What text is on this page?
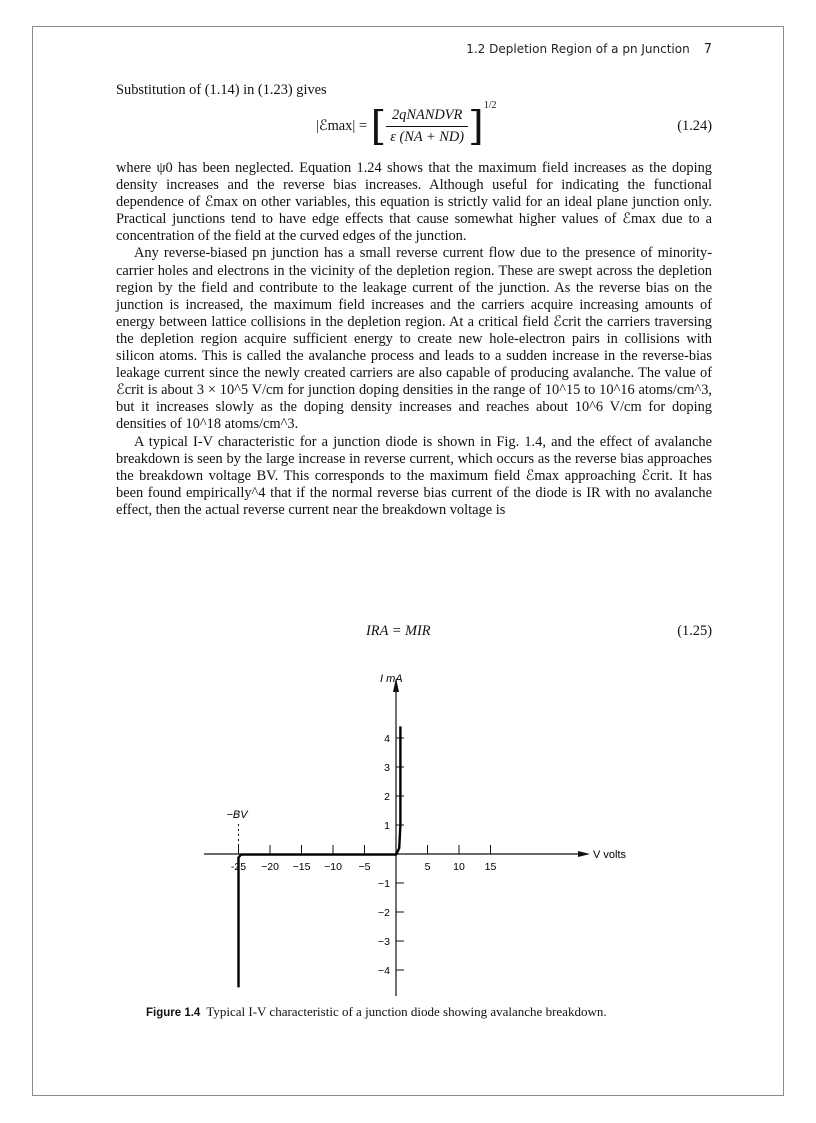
1.2 Depletion Region of a pn Junction 7

Substitution of (1.14) in (1.23) gives

|ℰmax| = [ $\frac{\text{2qNANDVR}}{\varepsilon (NA + ND)} ]^{1/2}$
(1.24)

where ψ0 has been neglected. Equation 1.24 shows that the maximum field increases as the doping density increases and the reverse bias increases. Although useful for indicating the functional dependence of ℰmax on other variables, this equation is strictly valid for an ideal plane junction only. Practical junctions tend to have edge effects that cause somewhat higher values of ℰmax due to a concentration of the field at the curved edges of the junction.

Any reverse-biased pn junction has a small reverse current flow due to the presence of minority-carrier holes and electrons in the vicinity of the depletion region. These are swept across the depletion region by the field and contribute to the leakage current of the junction. As the reverse bias on the junction is increased, the maximum field increases and the carriers acquire increasing amounts of energy between lattice collisions in the depletion region. At a critical field ℰcrit the carriers traversing the depletion region acquire sufficient energy to create new hole-electron pairs in collisions with silicon atoms. This is called the avalanche process and leads to a sudden increase in the reverse-bias leakage current since the newly created carriers are also capable of producing avalanche. The value of ℰcrit is about 3 × 10^5 V/cm for junction doping densities in the range of 10^15 to 10^16 atoms/cm^3, but it increases slowly as the doping density increases and reaches about 10^6 V/cm for doping densities of 10^18 atoms/cm^3.

A typical I-V characteristic for a junction diode is shown in Fig. 1.4, and the effect of avalanche breakdown is seen by the large increase in reverse current, which occurs as the reverse bias approaches the breakdown voltage BV. This corresponds to the maximum field ℰmax approaching ℰcrit. It has been found empirically^4 that if the normal reverse bias current of the diode is IR with no avalanche effect, then the actual reverse current near the breakdown voltage is

IRA = MIR	(1.25)
I mA
V volts
-25 −20 −15 −10 −5	5 10 15
4
3
2
1
−1
−2
−3
−4
−BV
Figure 1.4 Typical I-V characteristic of a junction diode showing avalanche breakdown.
